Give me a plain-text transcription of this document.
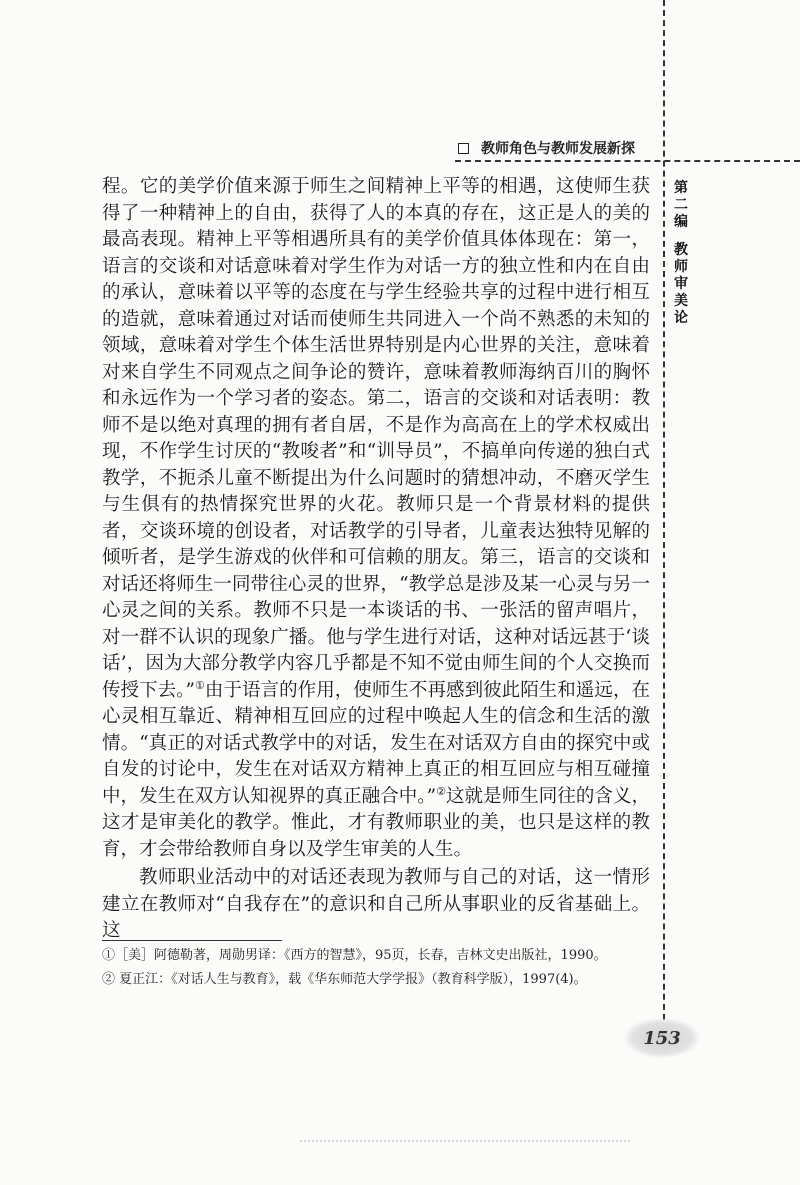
教师角色与教师发展新探
第二编
教师审美论

程。它的美学价值来源于师生之间精神上平等的相遇，这使师生获得了一种精神上的自由，获得了人的本真的存在，这正是人的美的最高表现。精神上平等相遇所具有的美学价值具体体现在：第一，语言的交谈和对话意味着对学生作为对话一方的独立性和内在自由的承认，意味着以平等的态度在与学生经验共享的过程中进行相互的造就，意味着通过对话而使师生共同进入一个尚不熟悉的未知的领域，意味着对学生个体生活世界特别是内心世界的关注，意味着对来自学生不同观点之间争论的赞许，意味着教师海纳百川的胸怀和永远作为一个学习者的姿态。第二，语言的交谈和对话表明：教师不是以绝对真理的拥有者自居，不是作为高高在上的学术权威出现，不作学生讨厌的“教唆者”和“训导员”，不搞单向传递的独白式教学，不扼杀儿童不断提出为什么问题时的猜想冲动，不磨灭学生与生俱有的热情探究世界的火花。教师只是一个背景材料的提供者，交谈环境的创设者，对话教学的引导者，儿童表达独特见解的倾听者，是学生游戏的伙伴和可信赖的朋友。第三，语言的交谈和对话还将师生一同带往心灵的世界，“教学总是涉及某一心灵与另一心灵之间的关系。教师不只是一本谈话的书、一张活的留声唱片，对一群不认识的现象广播。他与学生进行对话，这种对话远甚于‘谈话’，因为大部分教学内容几乎都是不知不觉由师生间的个人交换而传授下去。”①由于语言的作用，使师生不再感到彼此陌生和遥远，在心灵相互靠近、精神相互回应的过程中唤起人生的信念和生活的激情。“真正的对话式教学中的对话，发生在对话双方自由的探究中或自发的讨论中，发生在对话双方精神上真正的相互回应与相互碰撞中，发生在双方认知视界的真正融合中。”②这就是师生同往的含义，这才是审美化的教学。惟此，才有教师职业的美，也只是这样的教育，才会带给教师自身以及学生审美的人生。

教师职业活动中的对话还表现为教师与自己的对话，这一情形建立在教师对“自我存在”的意识和自己所从事职业的反省基础上。这

①［美］阿德勒著，周勋男译：《西方的智慧》，95页，长春，吉林文史出版社，1990。

② 夏正江：《对话人生与教育》，载《华东师范大学学报》（教育科学版），1997(4)。

153
